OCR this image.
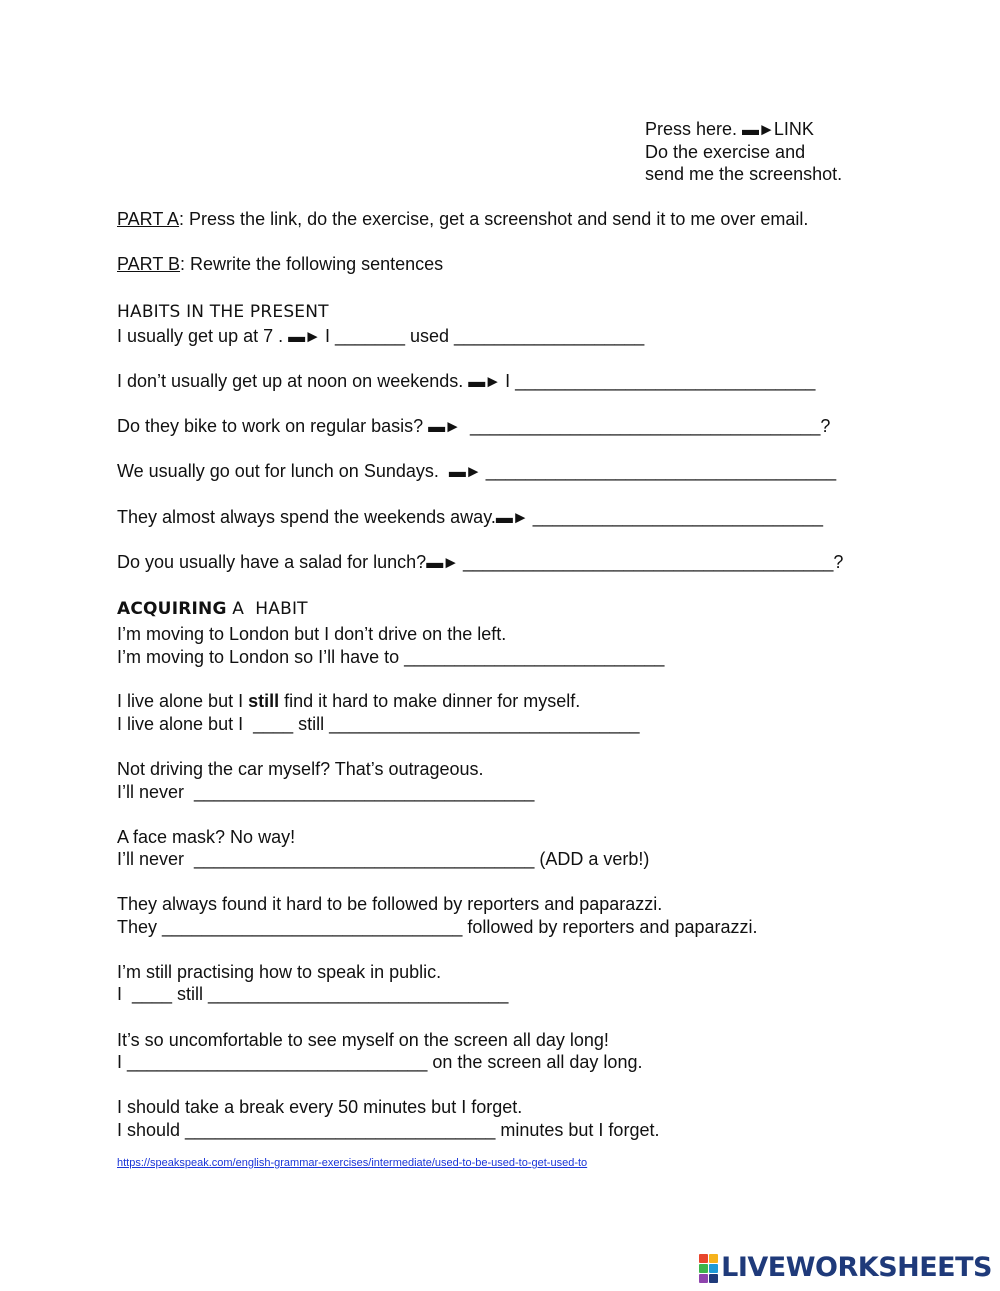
Press here. ▬►LINK
Do the exercise and
send me the screenshot.
PART A: Press the link, do the exercise, get a screenshot and send it to me over email.
PART B: Rewrite the following sentences
HABITS IN THE PRESENT
I usually get up at 7 . ▬► I _______ used ___________________
I don’t usually get up at noon on weekends. ▬► I ______________________________
Do they bike to work on regular basis? ▬►  ___________________________________?
We usually go out for lunch on Sundays.  ▬► ___________________________________
They almost always spend the weekends away.▬► _____________________________
Do you usually have a salad for lunch?▬► _____________________________________?
ACQUIRING A  HABIT
I’m moving to London but I don’t drive on the left.
I’m moving to London so I’ll have to __________________________
I live alone but I still find it hard to make dinner for myself.
I live alone but I  ____ still _______________________________
Not driving the car myself? That’s outrageous.
I’ll never  __________________________________
A face mask? No way!
I’ll never  __________________________________ (ADD a verb!)
They always found it hard to be followed by reporters and paparazzi.
They ______________________________ followed by reporters and paparazzi.
I’m still practising how to speak in public.
I  ____ still ______________________________
It’s so uncomfortable to see myself on the screen all day long!
I ______________________________ on the screen all day long.
I should take a break every 50 minutes but I forget.
I should _______________________________ minutes but I forget.
https://speakspeak.com/english-grammar-exercises/intermediate/used-to-be-used-to-get-used-to
LIVEWORKSHEETS
